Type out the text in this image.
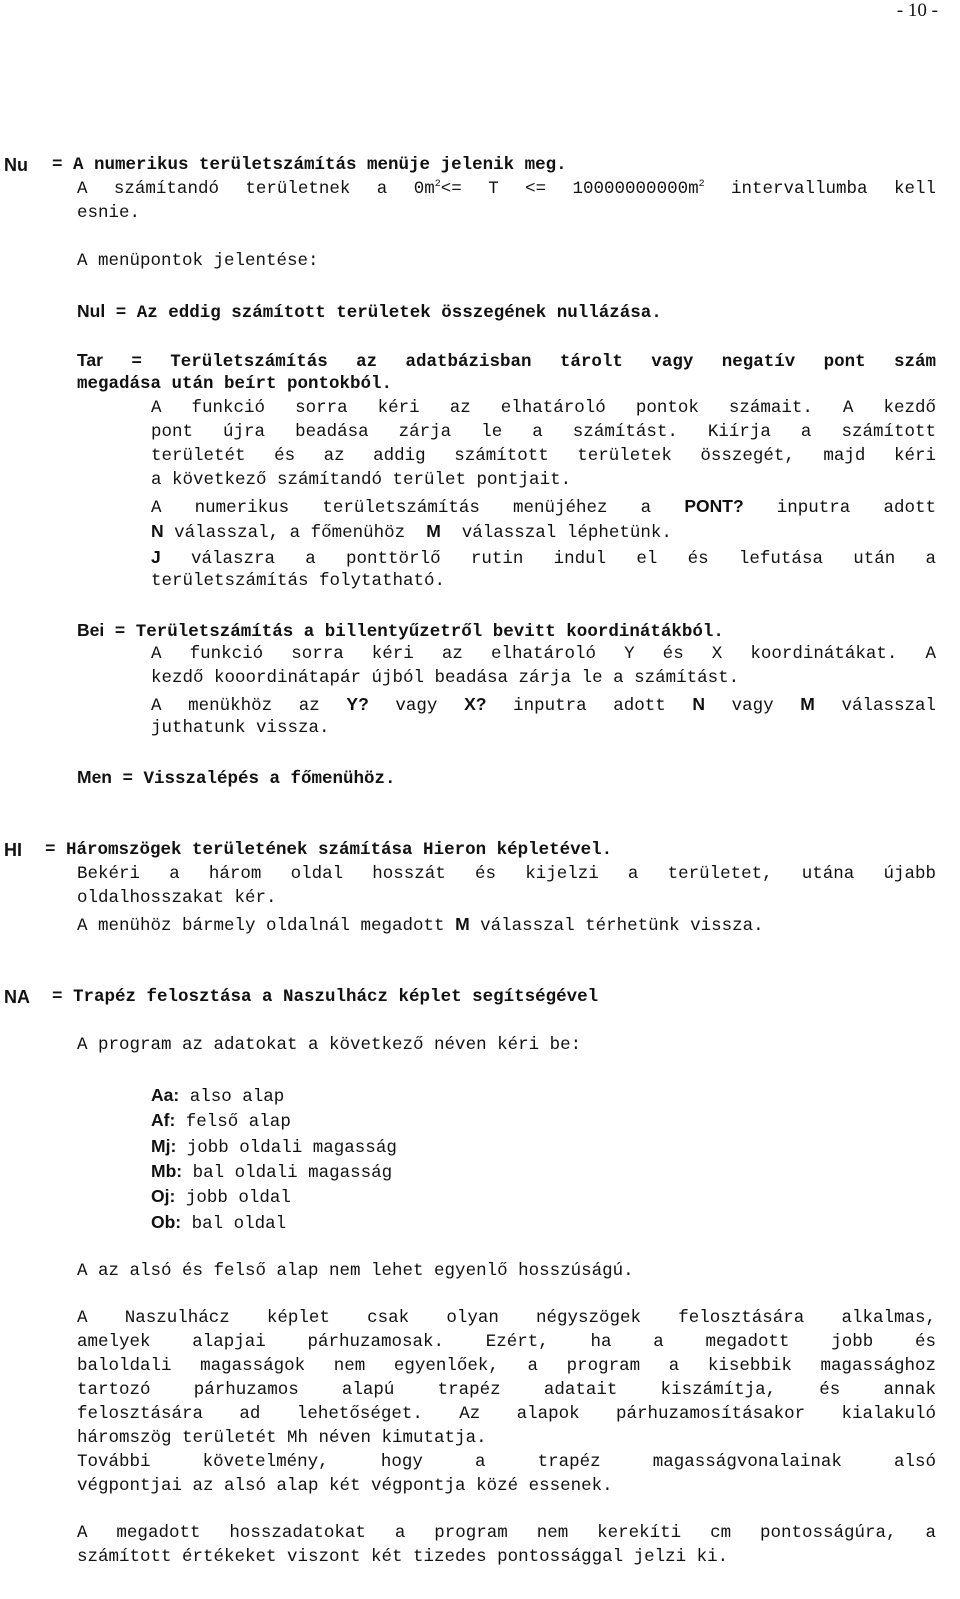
- 10 -
Nu = A numerikus területszámítás menüje jelenik meg.
A számítandó területnek a $0m^2<= T <= 10000000000m^2$ intervallumba kell
esnie.
A menüpontok jelentése:
Nul = Az eddig számított területek összegének nullázása.
Tar = Területszámítás az adatbázisban tárolt vagy negatív pont szám
megadása után beírt pontokból.
A funkció sorra kéri az elhatároló pontok számait. A kezdő
pont újra beadása zárja le a számítást. Kiírja a számított
területét és az addig számított területek összegét, majd kéri
a következő számítandó terület pontjait.
A numerikus területszámítás menüjéhez a PONT? inputra adott
N válasszal, a főmenühöz  M  válasszal léphetünk.
J válaszra a ponttörlő rutin indul el és lefutása után a
területszámítás folytatható.
Bei = Területszámítás a billentyűzetről bevitt koordinátákból.
A funkció sorra kéri az elhatároló Y és X koordinátákat. A
kezdő kooordinátapár újból beadása zárja le a számítást.
A menükhöz az Y? vagy X? inputra adott N vagy M válasszal
juthatunk vissza.
Men = Visszalépés a főmenühöz.
HI = Háromszögek területének számítása Hieron képletével.
Bekéri a három oldal hosszát és kijelzi a területet, utána újabb
oldalhosszakat kér.
A menühöz bármely oldalnál megadott M válasszal térhetünk vissza.
NA = Trapéz felosztása a Naszulhácz képlet segítségével
A program az adatokat a következő néven kéri be:
Aa: also alap
Af: felső alap
Mj: jobb oldali magasság
Mb: bal oldali magasság
Oj: jobb oldal
Ob: bal oldal
A az alsó és felső alap nem lehet egyenlő hosszúságú.
A Naszulhácz képlet csak olyan négyszögek felosztására alkalmas,
amelyek alapjai párhuzamosak. Ezért, ha a megadott jobb és
baloldali magasságok nem egyenlőek, a program a kisebbik magassághoz
tartozó párhuzamos alapú trapéz adatait kiszámítja, és annak
felosztására ad lehetőséget. Az alapok párhuzamosításakor kialakuló
háromszög területét Mh néven kimutatja.
További követelmény, hogy a trapéz magasságvonalainak alsó
végpontjai az alsó alap két végpontja közé essenek.
A megadott hosszadatokat a program nem kerekíti cm pontosságúra, a
számított értékeket viszont két tizedes pontossággal jelzi ki.
